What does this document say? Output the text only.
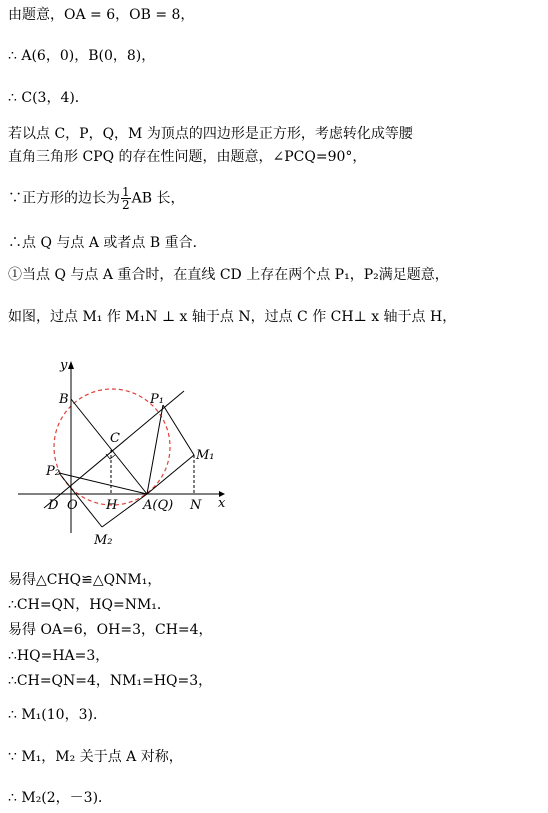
由题意，OA = 6，OB = 8，
∴ A(6，0)，B(0，8)，
∴ C(3，4)．
若以点 C，P，Q，M 为顶点的四边形是正方形，考虑转化成等腰
直角三角形 CPQ 的存在性问题，由题意，∠PCQ=90°，
∵正方形的边长为 $\frac{1}{2}$ AB 长，
∴点 Q 与点 A 或者点 B 重合．
①当点 Q 与点 A 重合时，在直线 CD 上存在两个点 P₁，P₂满足题意，
如图，过点 M₁ 作 M₁N ⊥ x 轴于点 N，过点 C 作 CH⊥ x 轴于点 H，
y
x
B	P₁
C
M₁
P₂
D O H A(Q) N
M₂
易得△CHQ≌△QNM₁，
∴CH=QN，HQ=NM₁．
易得 OA=6，OH=3，CH=4，
∴HQ=HA=3，
∴CH=QN=4，NM₁=HQ=3，
∴ M₁(10，3)．
∵ M₁，M₂ 关于点 A 对称，
∴ M₂(2，－3)．
